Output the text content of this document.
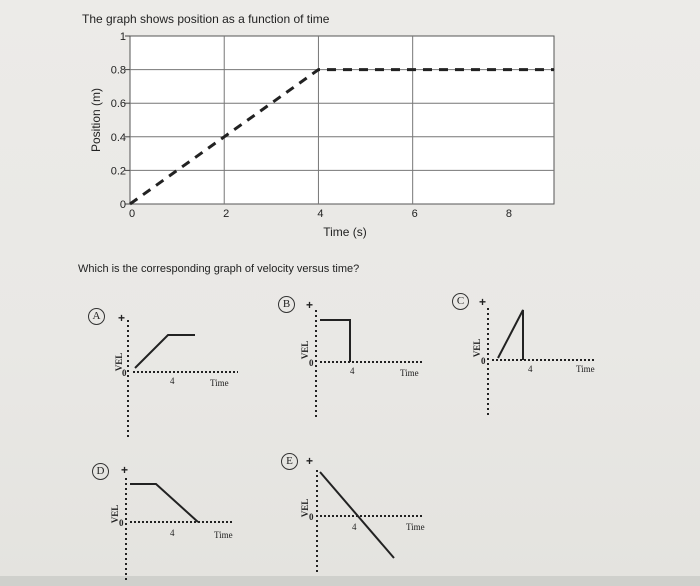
The graph shows position as a function of time
0
0.2
0.4
0.6
0.8
1
0	2	4	6	8
Time (s)
Position (m)
Which is the corresponding graph of velocity versus time?
A	+
VEL
0
4	Time
B	+
VEL
0
4	Time
C	+
VEL
0
4	Time
D	+
VEL 0
4	Time
E	+
VEL 0
4	Time
